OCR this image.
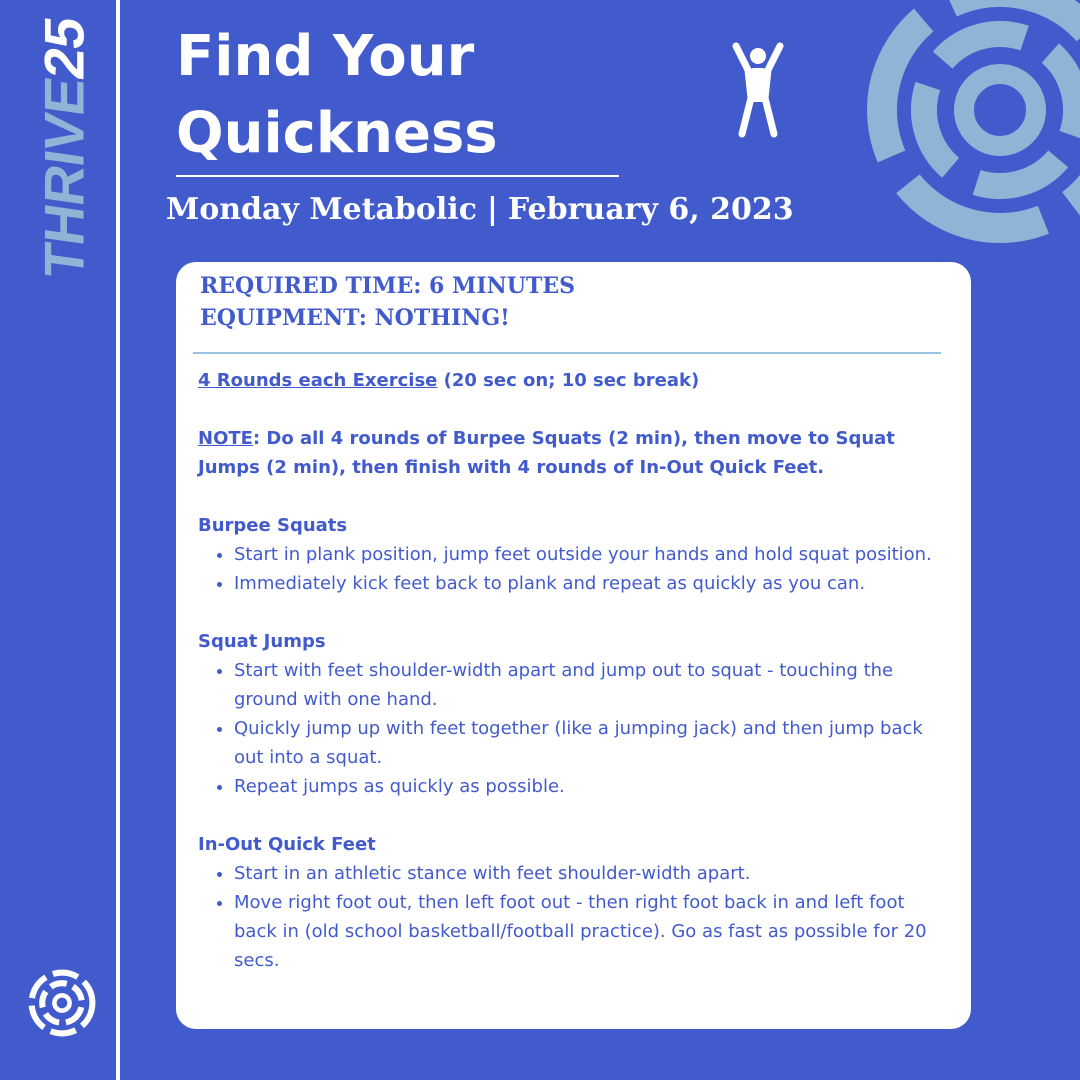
THRIVE25 Find Your
Quickness
Monday Metabolic | February 6, 2023

REQUIRED TIME: 6 MINUTES
EQUIPMENT: NOTHING!

4 Rounds each Exercise (20 sec on; 10 sec break)

NOTE: Do all 4 rounds of Burpee Squats (2 min), then move to Squat Jumps (2 min), then finish with 4 rounds of In-Out Quick Feet.

Burpee Squats

• Start in plank position, jump feet outside your hands and hold squat position.
• Immediately kick feet back to plank and repeat as quickly as you can.

Squat Jumps

• Start with feet shoulder-width apart and jump out to squat - touching the ground with one hand.
• Quickly jump up with feet together (like a jumping jack) and then jump back out into a squat.
• Repeat jumps as quickly as possible.

In-Out Quick Feet

• Start in an athletic stance with feet shoulder-width apart.
• Move right foot out, then left foot out - then right foot back in and left foot back in (old school basketball/football practice). Go as fast as possible for 20 secs.
